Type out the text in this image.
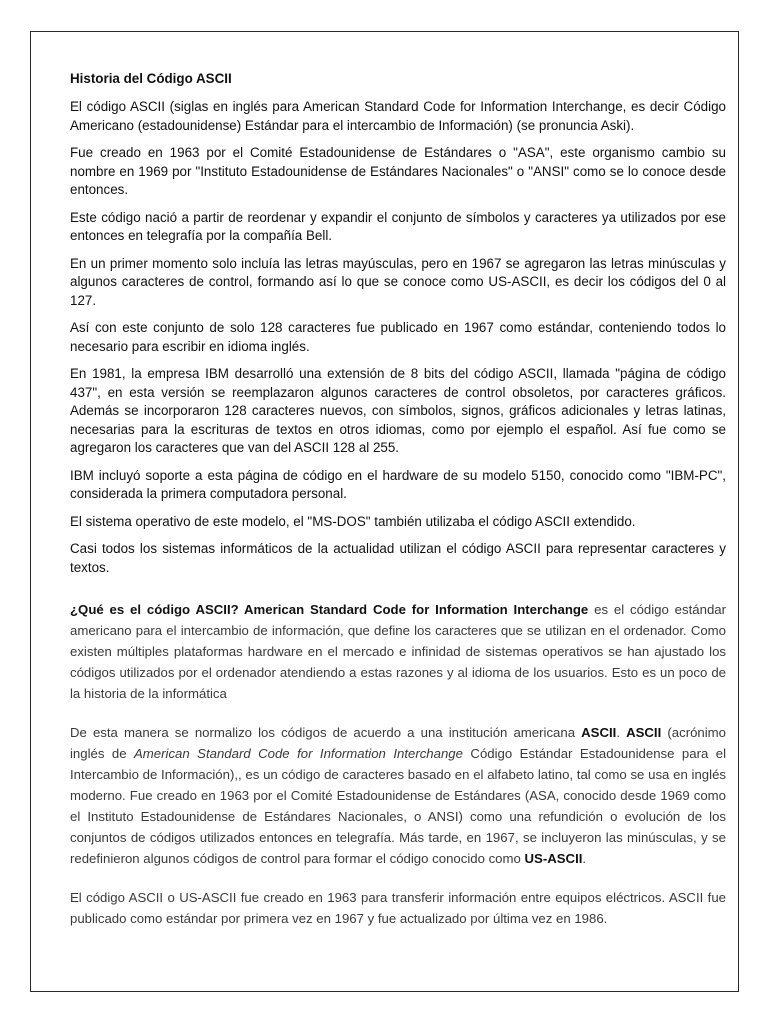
Historia del Código ASCII

El código ASCII (siglas en inglés para American Standard Code for Information Interchange, es decir Código Americano (estadounidense) Estándar para el intercambio de Información) (se pronuncia Aski).

Fue creado en 1963 por el Comité Estadounidense de Estándares o "ASA", este organismo cambio su nombre en 1969 por "Instituto Estadounidense de Estándares Nacionales" o "ANSI" como se lo conoce desde entonces.

Este código nació a partir de reordenar y expandir el conjunto de símbolos y caracteres ya utilizados por ese entonces en telegrafía por la compañía Bell.

En un primer momento solo incluía las letras mayúsculas, pero en 1967 se agregaron las letras minúsculas y algunos caracteres de control, formando así lo que se conoce como US-ASCII, es decir los códigos del 0 al 127.

Así con este conjunto de solo 128 caracteres fue publicado en 1967 como estándar, conteniendo todos lo necesario para escribir en idioma inglés.

En 1981, la empresa IBM desarrolló una extensión de 8 bits del código ASCII, llamada "página de código 437", en esta versión se reemplazaron algunos caracteres de control obsoletos, por caracteres gráficos. Además se incorporaron 128 caracteres nuevos, con símbolos, signos, gráficos adicionales y letras latinas, necesarias para la escrituras de textos en otros idiomas, como por ejemplo el español. Así fue como se agregaron los caracteres que van del ASCII 128 al 255.

IBM incluyó soporte a esta página de código en el hardware de su modelo 5150, conocido como "IBM-PC", considerada la primera computadora personal.

El sistema operativo de este modelo, el "MS-DOS" también utilizaba el código ASCII extendido.

Casi todos los sistemas informáticos de la actualidad utilizan el código ASCII para representar caracteres y textos.

¿Qué es el código ASCII? American Standard Code for Information Interchange es el código estándar americano para el intercambio de información, que define los caracteres que se utilizan en el ordenador. Como existen múltiples plataformas hardware en el mercado e infinidad de sistemas operativos se han ajustado los códigos utilizados por el ordenador atendiendo a estas razones y al idioma de los usuarios. Esto es un poco de la historia de la informática

De esta manera se normalizo los códigos de acuerdo a una institución americana ASCII. ASCII (acrónimo inglés de American Standard Code for Information Interchange Código Estándar Estadounidense para el Intercambio de Información),, es un código de caracteres basado en el alfabeto latino, tal como se usa en inglés moderno. Fue creado en 1963 por el Comité Estadounidense de Estándares (ASA, conocido desde 1969 como el Instituto Estadounidense de Estándares Nacionales, o ANSI) como una refundición o evolución de los conjuntos de códigos utilizados entonces en telegrafía. Más tarde, en 1967, se incluyeron las minúsculas, y se redefinieron algunos códigos de control para formar el código conocido como US-ASCII.

El código ASCII o US-ASCII fue creado en 1963 para transferir información entre equipos eléctricos. ASCII fue publicado como estándar por primera vez en 1967 y fue actualizado por última vez en 1986.
